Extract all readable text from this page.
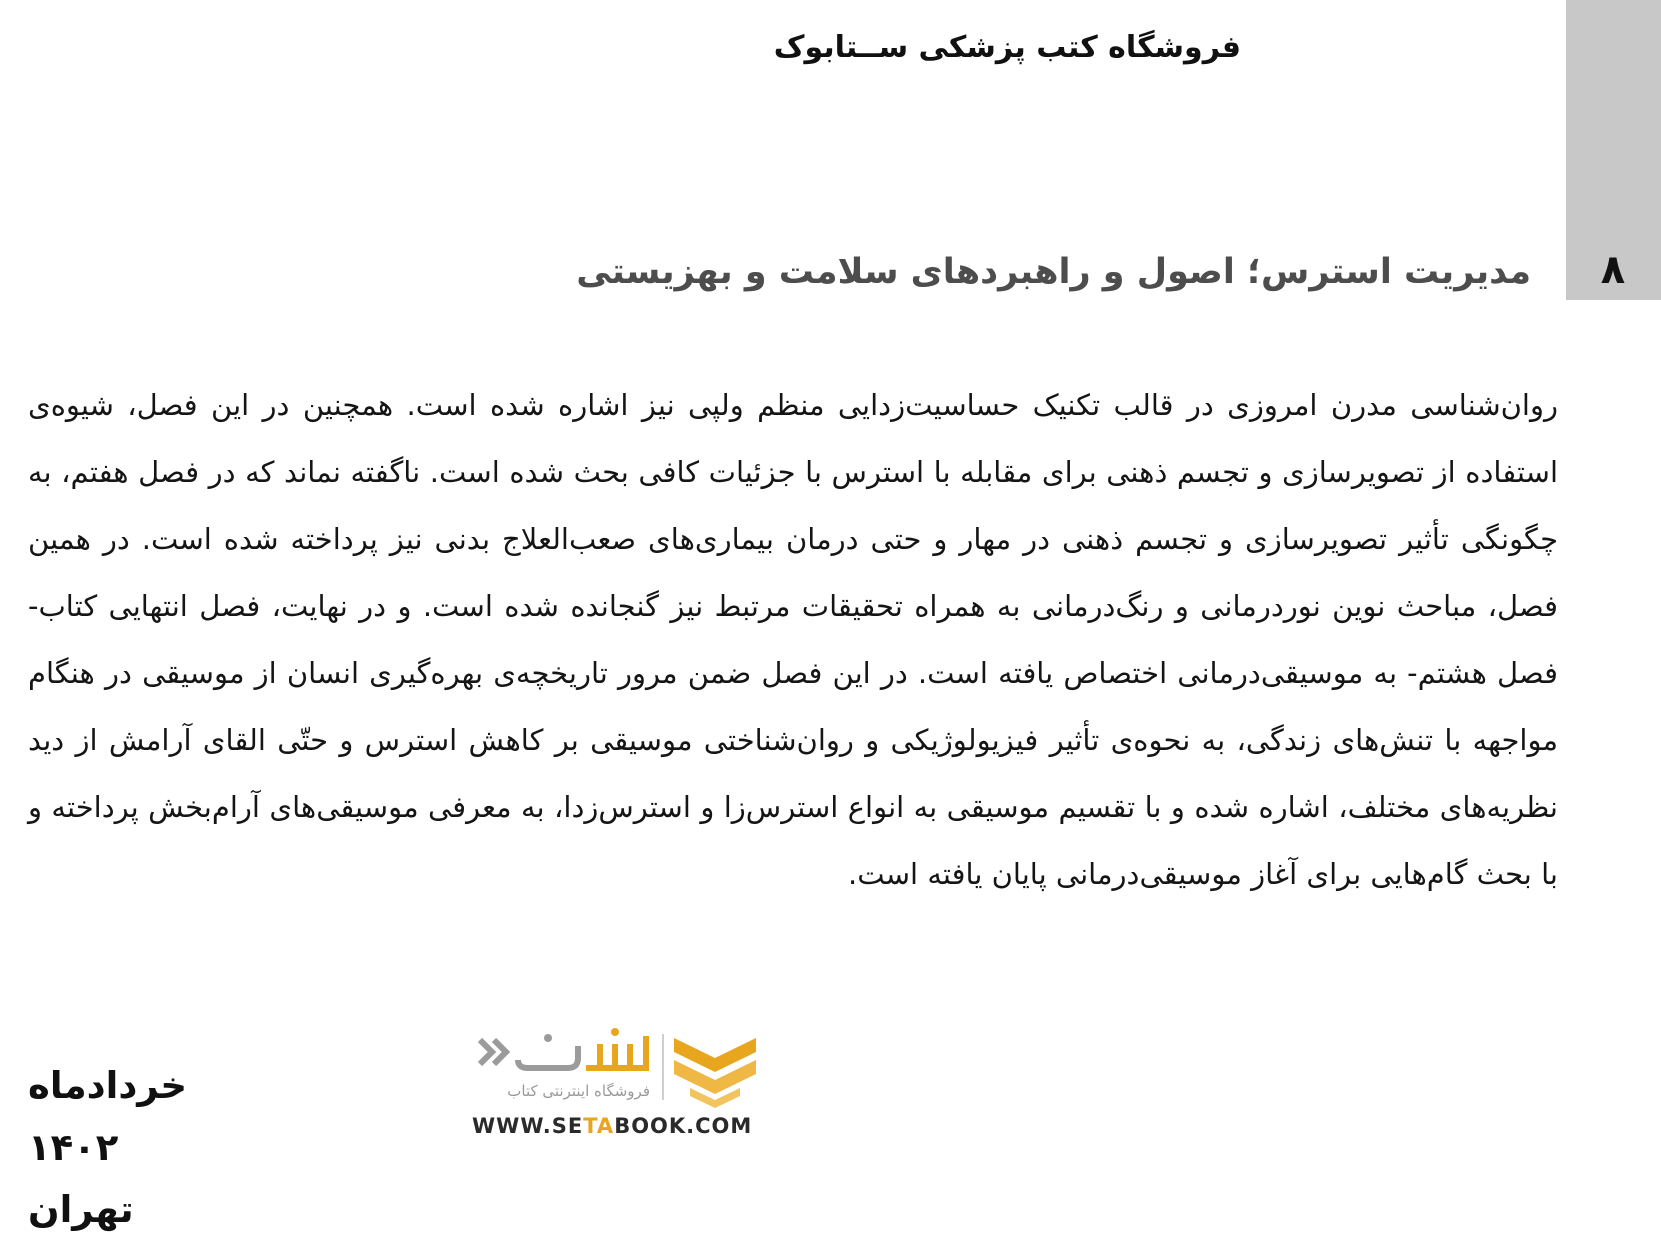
فروشگاه کتب پزشکی ســتابوک
۸
مدیریت استرس؛ اصول و راهبردهای سلامت و بهزیستی
روان‌شناسی مدرن امروزی در قالب تکنیک حساسیت‌زدایی منظم ولپی نیز اشاره شده است. همچنین در این فصل، شیوه‌ی استفاده از تصویرسازی و تجسم ذهنی برای مقابله با استرس با جزئیات کافی بحث شده است. ناگفته نماند که در فصل هفتم، به چگونگی تأثیر تصویرسازی و تجسم ذهنی در مهار و حتی درمان بیماری‌های صعب‌العلاج بدنی نیز پرداخته شده است. در همین فصل، مباحث نوین نوردرمانی و رنگ‌درمانی به همراه تحقیقات مرتبط نیز گنجانده شده است. و در نهایت، فصل انتهایی کتاب- فصل هشتم- به موسیقی‌درمانی اختصاص یافته است. در این فصل ضمن مرور تاریخچه‌ی بهره‌گیری انسان از موسیقی در هنگام مواجهه با تنش‌های زندگی، به نحوه‌ی تأثیر فیزیولوژیکی و روان‌شناختی موسیقی بر کاهش استرس و حتّی القای آرامش از دید نظریه‌های مختلف، اشاره شده و با تقسیم موسیقی به انواع استرس‌زا و استرس‌زدا، به معرفی موسیقی‌های آرام‌بخش پرداخته و با بحث گام‌هایی برای آغاز موسیقی‌درمانی پایان یافته است.
خردادماه ۱۴۰۲
تهران
فروشگاه اینترنتی کتاب
WWW.SETABOOK.COM
